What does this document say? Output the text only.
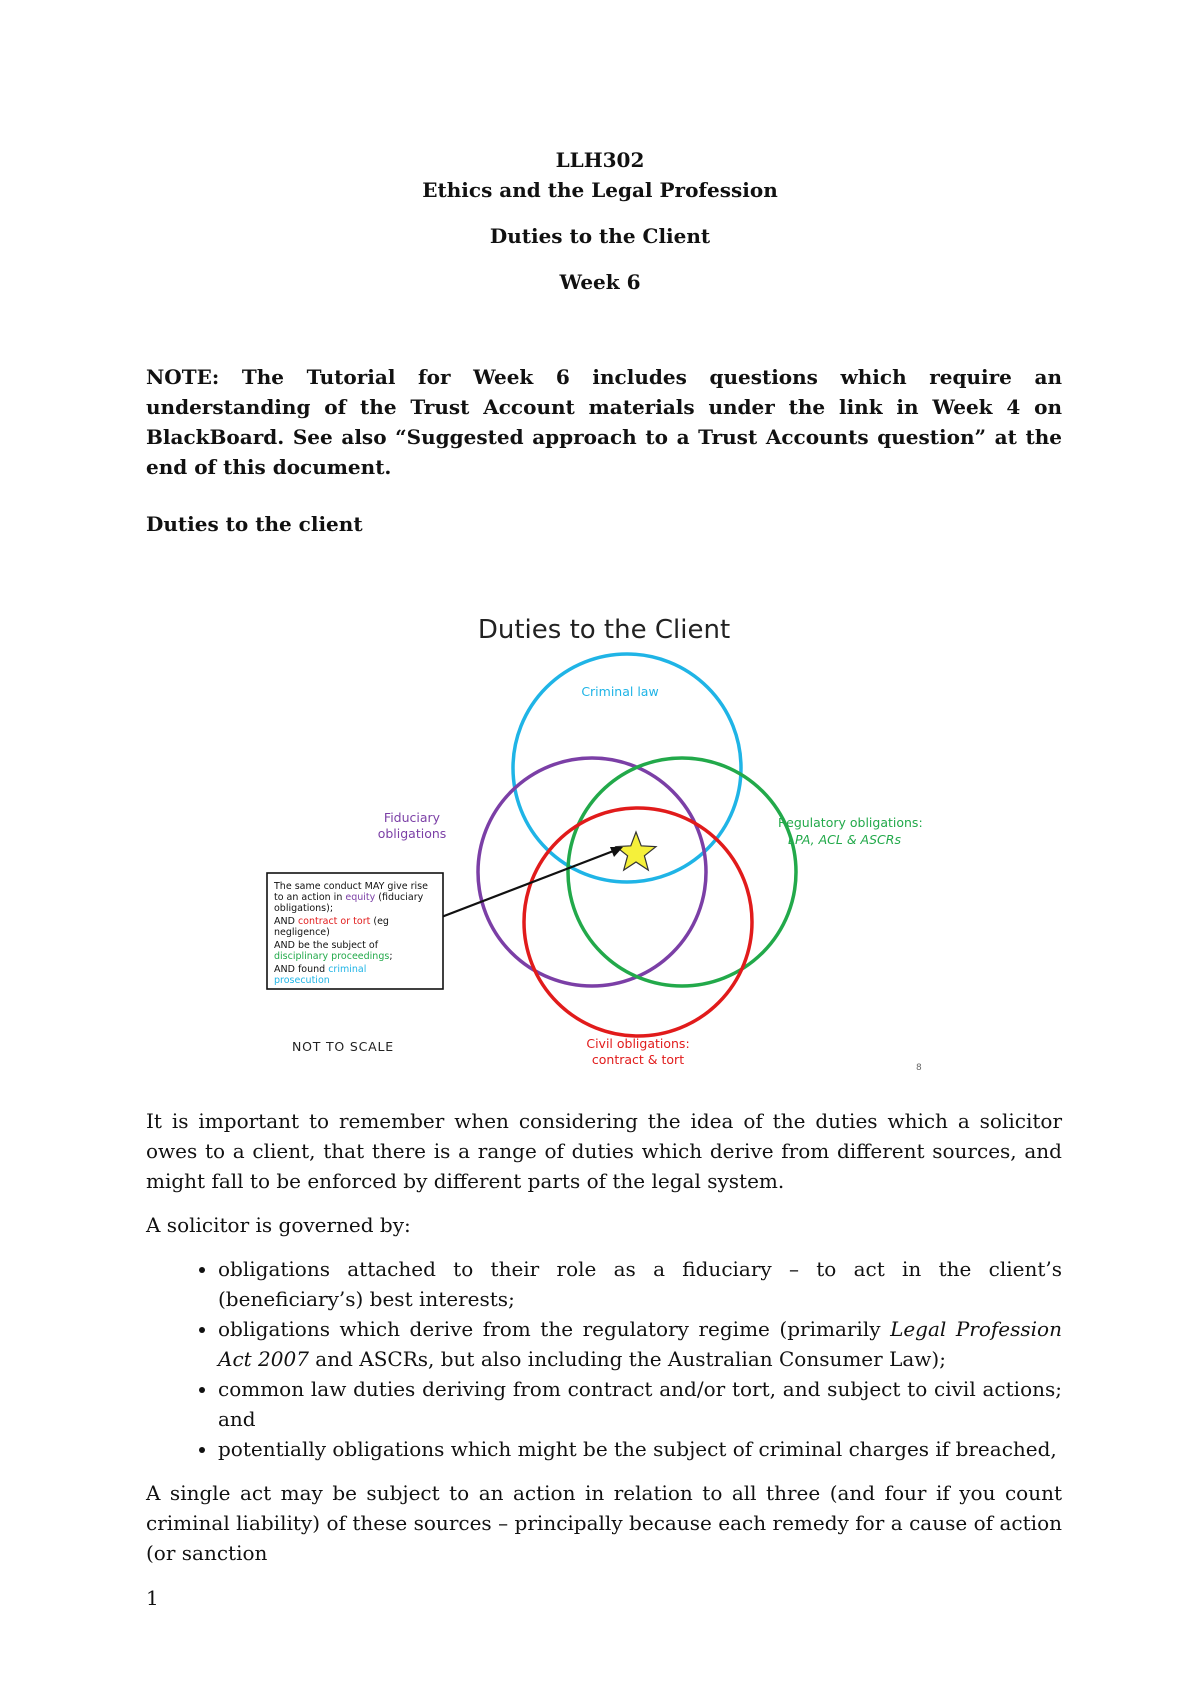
LLH302
Ethics and the Legal Profession
Duties to the Client
Week 6

NOTE: The Tutorial for Week 6 includes questions which require an understanding of the Trust Account materials under the link in Week 4 on BlackBoard. See also “Suggested approach to a Trust Accounts question” at the end of this document.

Duties to the client
Duties to the Client
Criminal law
Fiduciary
obligations
Regulatory obligations:
LPA, ACL & ASCRs
Civil obligations:
contract & tort
NOT TO SCALE
8
The same conduct MAY give rise
to an action in equity (fiduciary
obligations);
AND contract or tort (eg
negligence)
AND be the subject of
disciplinary proceedings;
AND found criminal
prosecution

It is important to remember when considering the idea of the duties which a solicitor owes to a client, that there is a range of duties which derive from different sources, and might fall to be enforced by different parts of the legal system.

A solicitor is governed by:

• obligations attached to their role as a fiduciary – to act in the client’s (beneficiary’s) best interests;
• obligations which derive from the regulatory regime (primarily Legal Profession Act 2007 and ASCRs, but also including the Australian Consumer Law);
• common law duties deriving from contract and/or tort, and subject to civil actions; and
• potentially obligations which might be the subject of criminal charges if breached,

A single act may be subject to an action in relation to all three (and four if you count criminal liability) of these sources – principally because each remedy for a cause of action (or sanction

1
